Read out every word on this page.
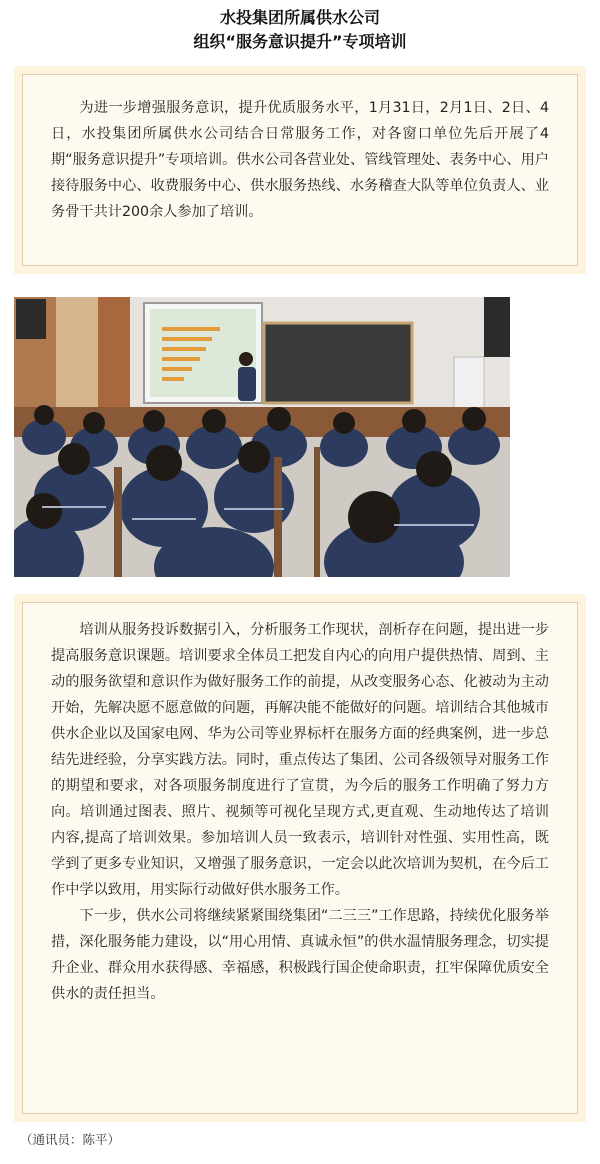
水投集团所属供水公司
组织“服务意识提升”专项培训

为进一步增强服务意识，提升优质服务水平，1月31日，2月1日、2日、4日，水投集团所属供水公司结合日常服务工作，对各窗口单位先后开展了4期“服务意识提升”专项培训。供水公司各营业处、管线管理处、表务中心、用户接待服务中心、收费服务中心、供水服务热线、水务稽查大队等单位负责人、业务骨干共计200余人参加了培训。

培训从服务投诉数据引入，分析服务工作现状，剖析存在问题，提出进一步提高服务意识课题。培训要求全体员工把发自内心的向用户提供热情、周到、主动的服务欲望和意识作为做好服务工作的前提，从改变服务心态、化被动为主动开始，先解决愿不愿意做的问题，再解决能不能做好的问题。培训结合其他城市供水企业以及国家电网、华为公司等业界标杆在服务方面的经典案例，进一步总结先进经验，分享实践方法。同时，重点传达了集团、公司各级领导对服务工作的期望和要求，对各项服务制度进行了宣贯，为今后的服务工作明确了努力方向。培训通过图表、照片、视频等可视化呈现方式,更直观、生动地传达了培训内容,提高了培训效果。参加培训人员一致表示，培训针对性强、实用性高，既学到了更多专业知识，又增强了服务意识，一定会以此次培训为契机，在今后工作中学以致用，用实际行动做好供水服务工作。

下一步，供水公司将继续紧紧围绕集团“二三三”工作思路，持续优化服务举措，深化服务能力建设，以“用心用情、真诚永恒”的供水温情服务理念，切实提升企业、群众用水获得感、幸福感，积极践行国企使命职责，扛牢保障优质安全供水的责任担当。

（通讯员：陈平）
